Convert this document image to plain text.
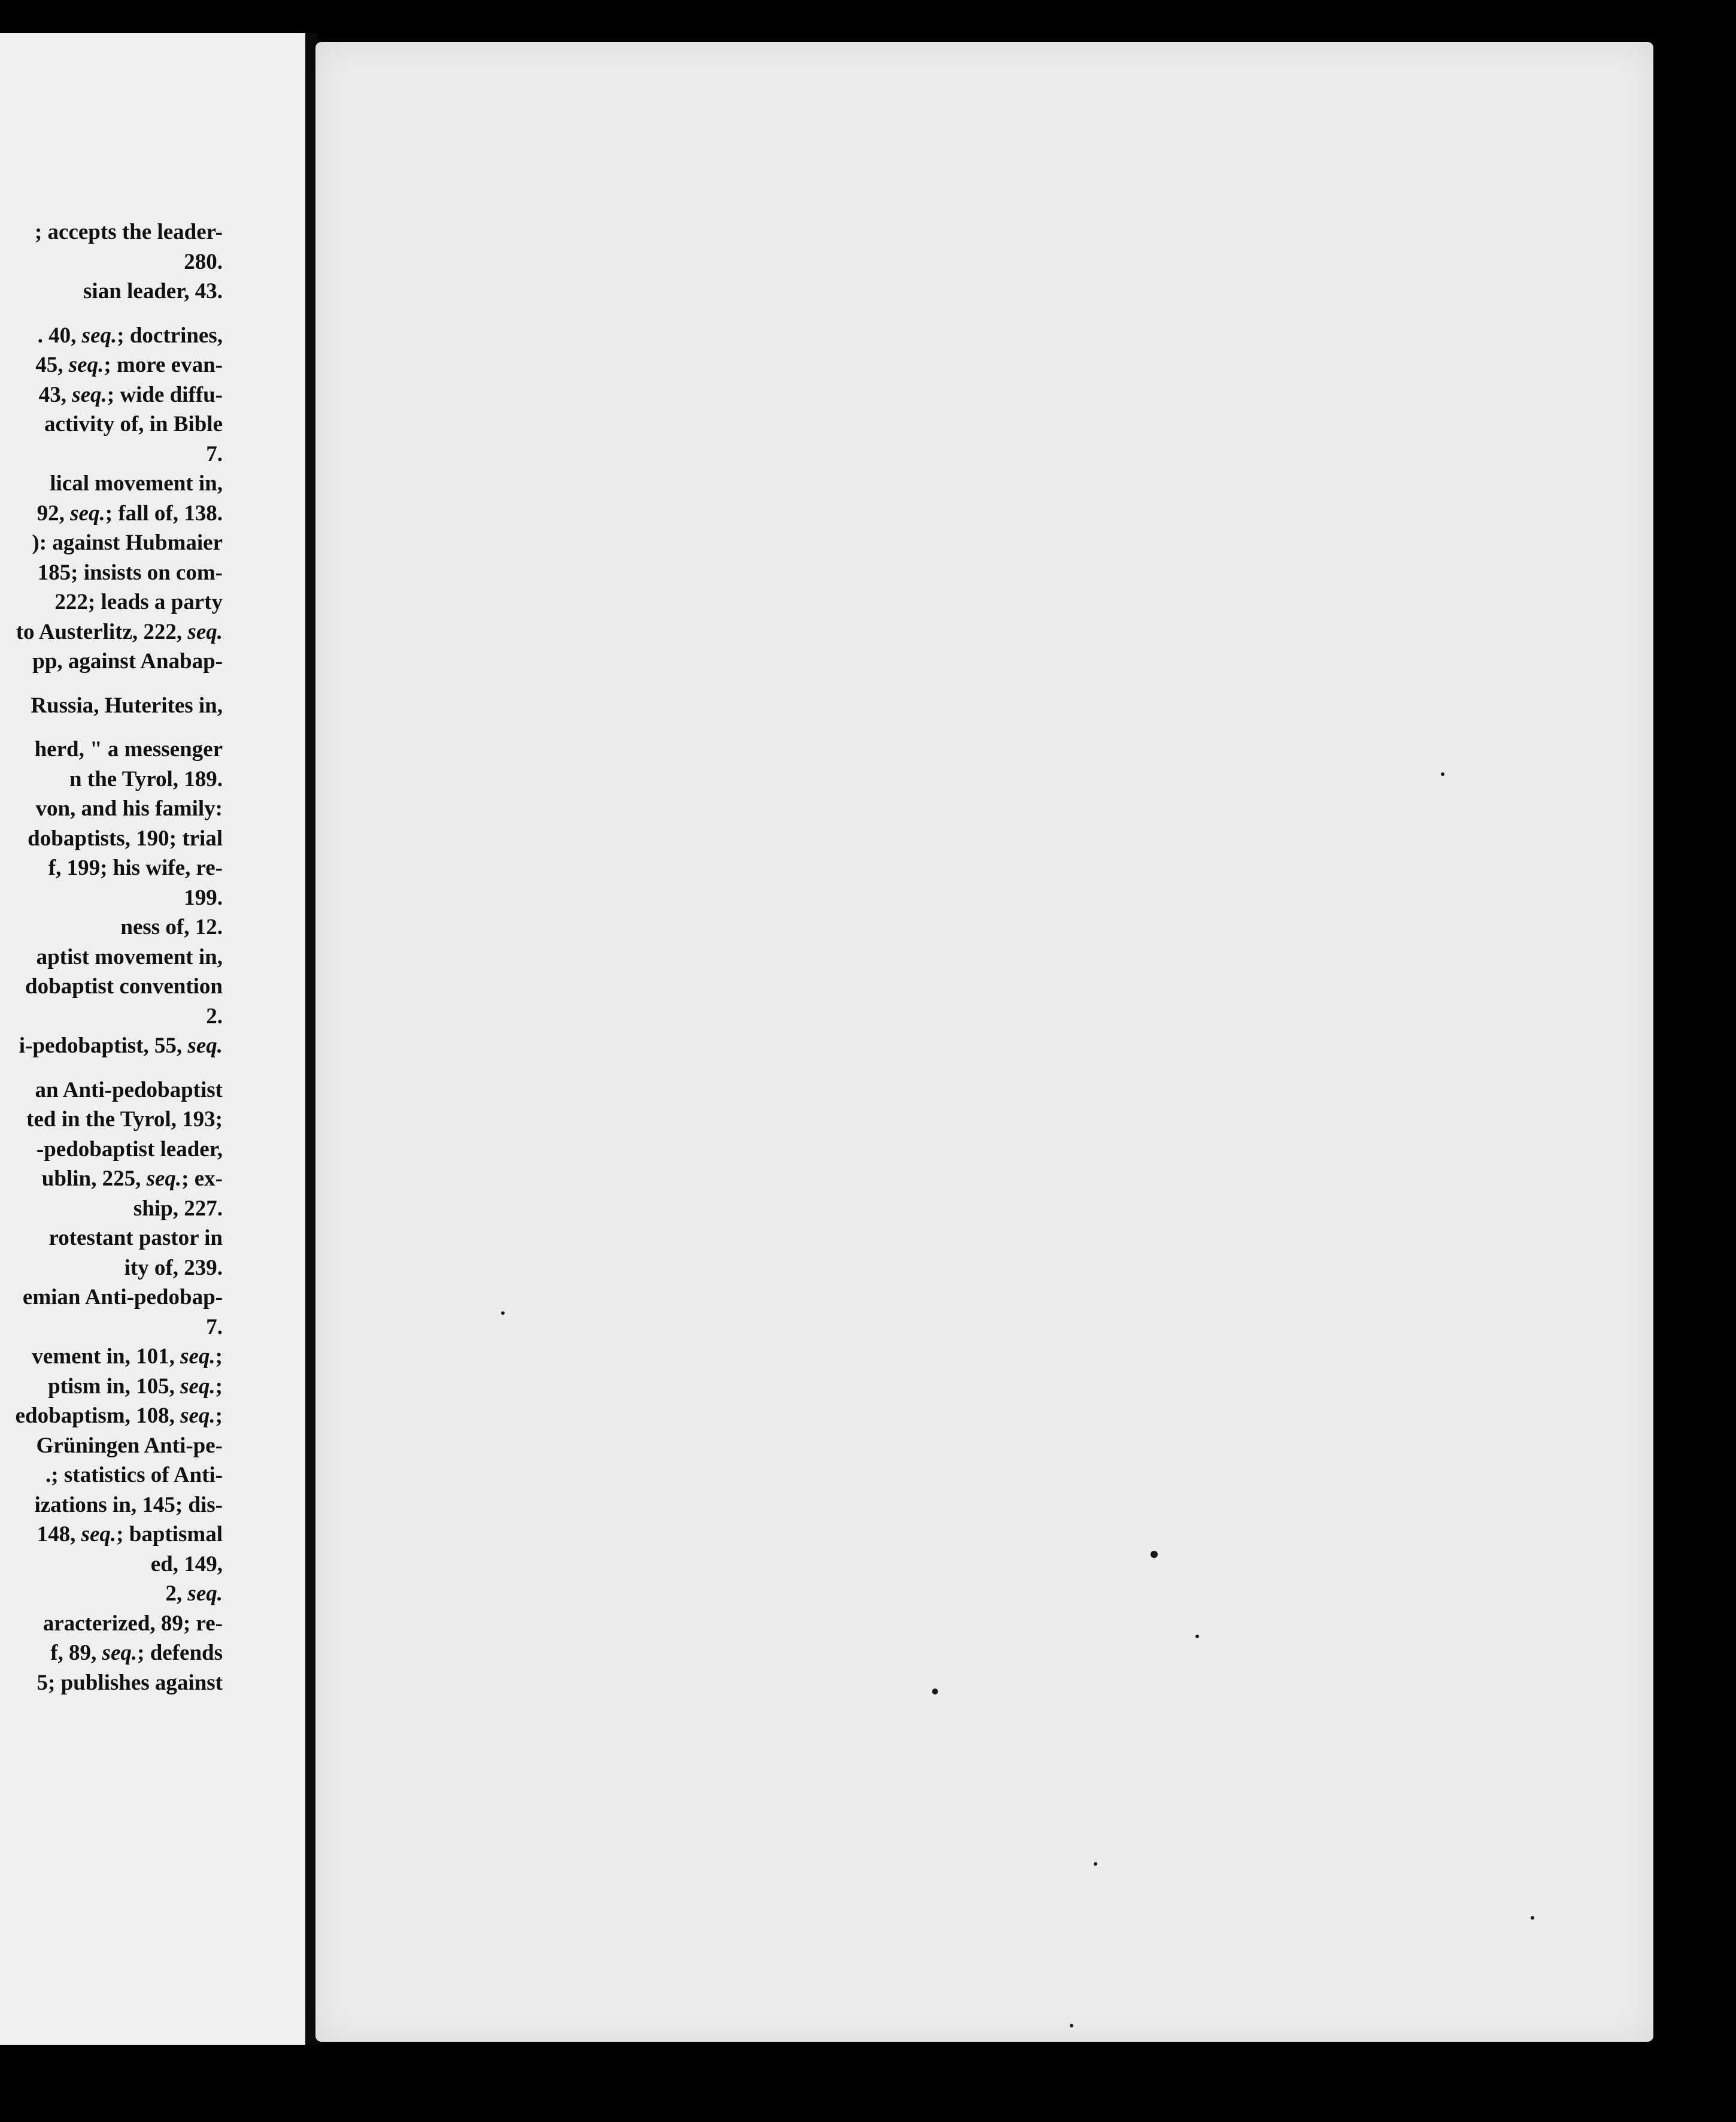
; accepts the leader-
280.
sian leader, 43.
. 40, seq.; doctrines,
45, seq.; more evan-
43, seq.; wide diffu-
activity of, in Bible
7.
lical movement in,
92, seq.; fall of, 138.
): against Hubmaier
185; insists on com-
222; leads a party
to Austerlitz, 222, seq.
pp, against Anabap-
Russia, Huterites in,
herd, " a messenger
n the Tyrol, 189.
von, and his family:
dobaptists, 190; trial
f, 199; his wife, re-
199.
ness of, 12.
aptist movement in,
dobaptist convention
2.
i-pedobaptist, 55, seq.
an Anti-pedobaptist
ted in the Tyrol, 193;
-pedobaptist leader,
ublin, 225, seq.; ex-
ship, 227.
rotestant pastor in
ity of, 239.
emian Anti-pedobap-
7.
vement in, 101, seq.;
ptism in, 105, seq.;
edobaptism, 108, seq.;
Grüningen Anti-pe-
.; statistics of Anti-
izations in, 145; dis-
148, seq.; baptismal
ed, 149,
2, seq.
aracterized, 89; re-
f, 89, seq.; defends
5; publishes against
